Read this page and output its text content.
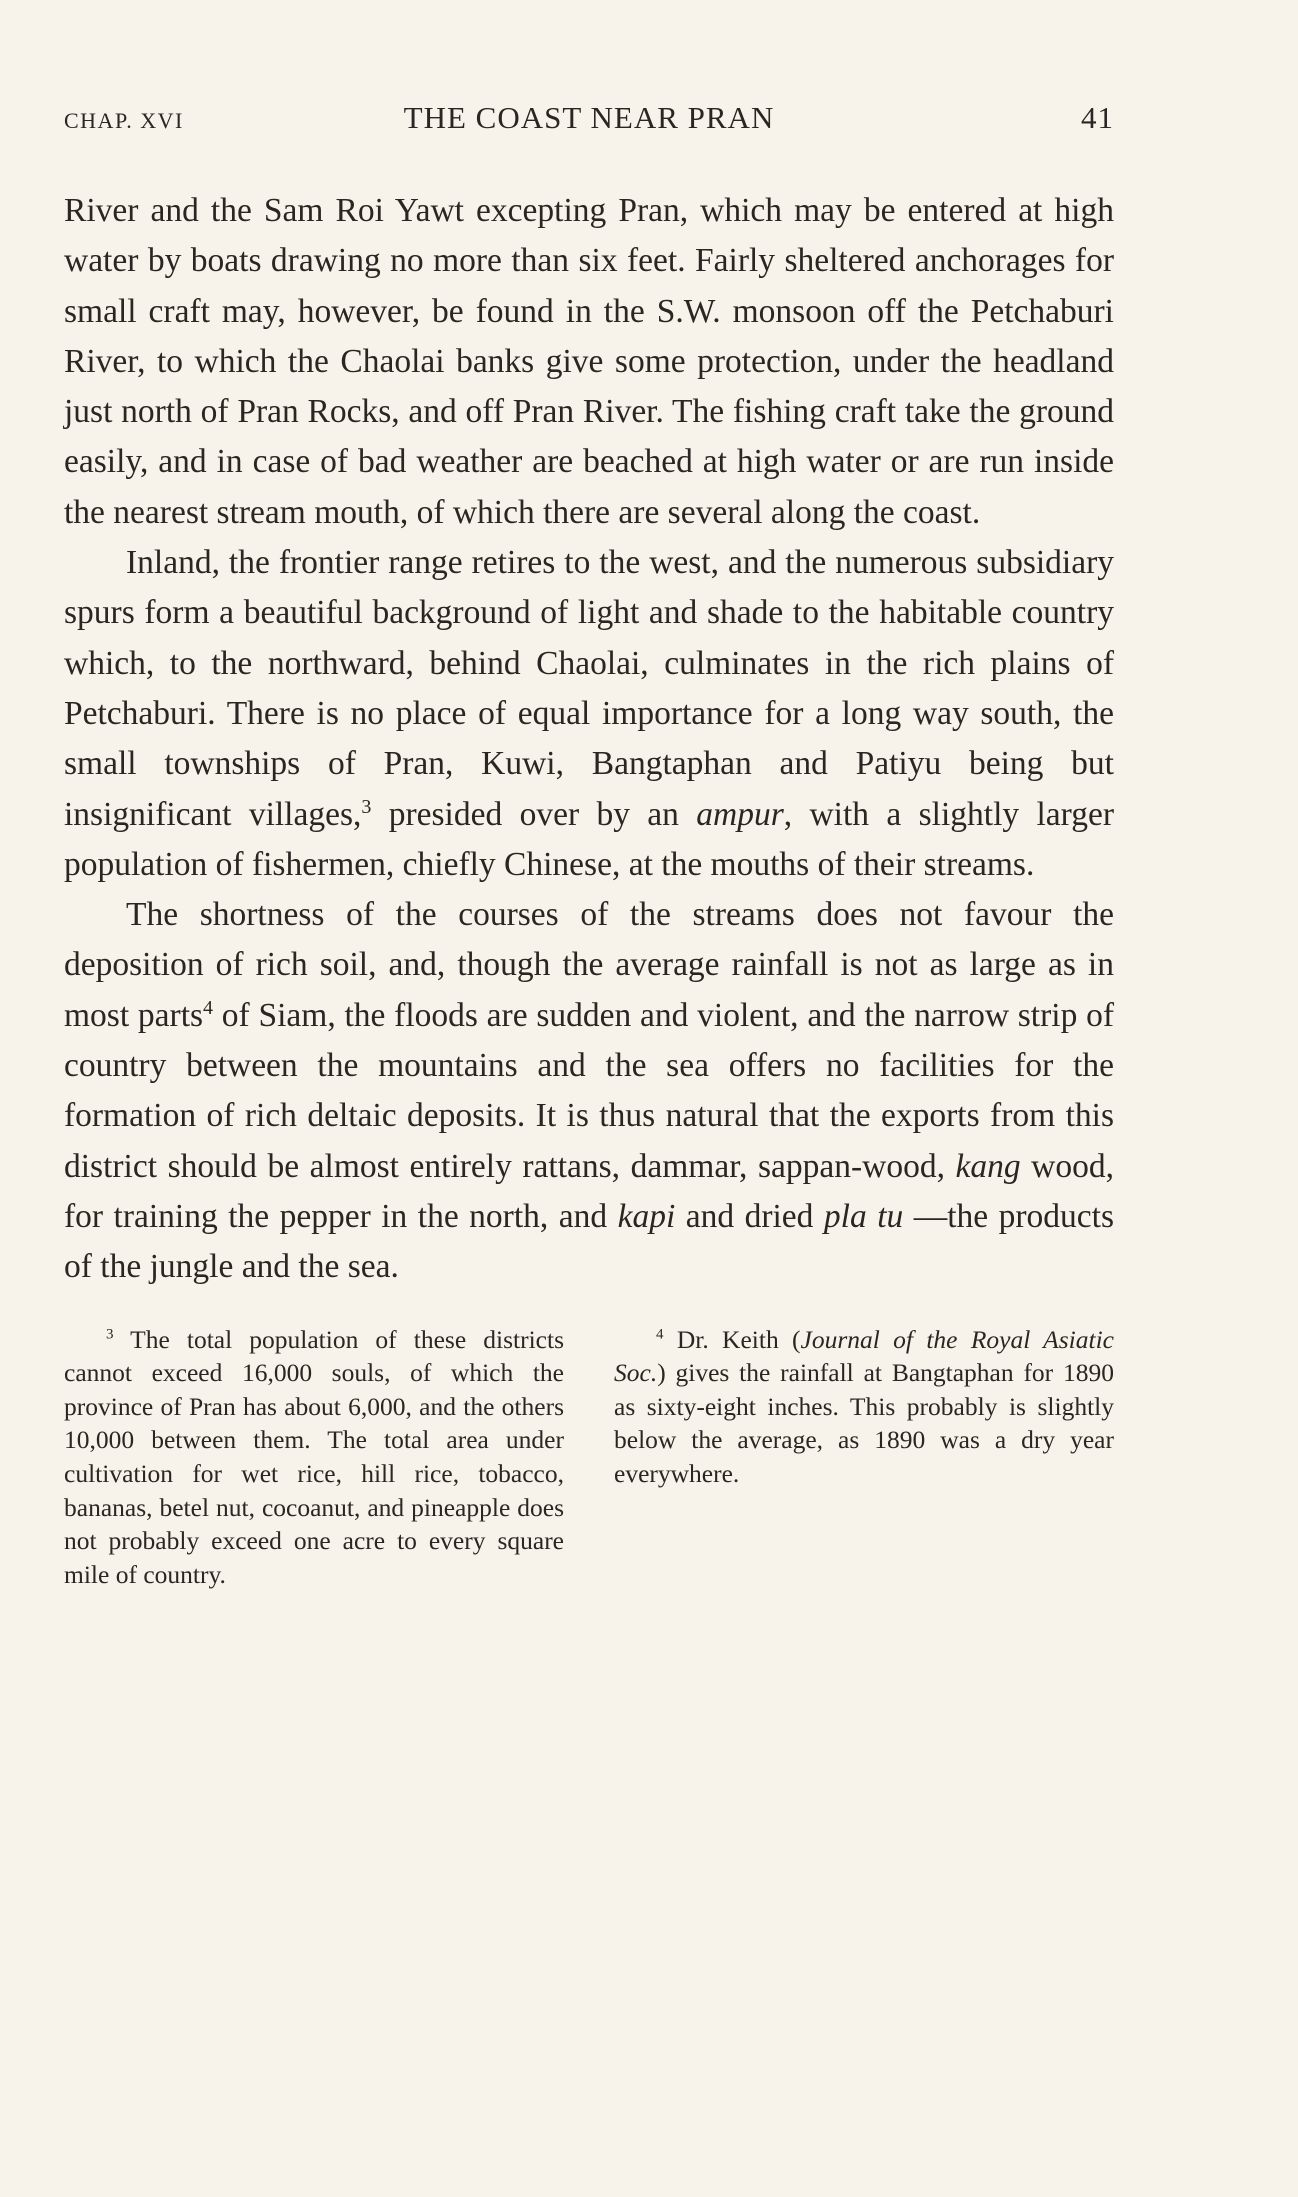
CHAP. XVI	THE COAST NEAR PRAN	41

River and the Sam Roi Yawt excepting Pran, which may be entered at high water by boats drawing no more than six feet. Fairly sheltered anchorages for small craft may, however, be found in the S.W. monsoon off the Petchaburi River, to which the Chaolai banks give some protection, under the headland just north of Pran Rocks, and off Pran River. The fishing craft take the ground easily, and in case of bad weather are beached at high water or are run inside the nearest stream mouth, of which there are several along the coast.

Inland, the frontier range retires to the west, and the numerous subsidiary spurs form a beautiful background of light and shade to the habitable country which, to the northward, behind Chaolai, culminates in the rich plains of Petchaburi. There is no place of equal importance for a long way south, the small townships of Pran, Kuwi, Bangtaphan and Patiyu being but insignificant villages,$^3$ presided over by an ampur, with a slightly larger population of fishermen, chiefly Chinese, at the mouths of their streams.

The shortness of the courses of the streams does not favour the deposition of rich soil, and, though the average rainfall is not as large as in most parts$^4$ of Siam, the floods are sudden and violent, and the narrow strip of country between the mountains and the sea offers no facilities for the formation of rich deltaic deposits. It is thus natural that the exports from this district should be almost entirely rattans, dammar, sappan-wood, kang wood, for training the pepper in the north, and kapi and dried pla tu —the products of the jungle and the sea.

$^3$ The total population of these districts cannot exceed 16,000 souls, of which the province of Pran has about 6,000, and the others 10,000 between them. The total area under cultivation for wet rice, hill rice, tobacco, bananas, betel nut, cocoanut, and pineapple does not probably exceed one acre to every square mile of country.

$^4$ Dr. Keith (Journal of the Royal Asiatic Soc.) gives the rainfall at Bangtaphan for 1890 as sixty-eight inches. This probably is slightly below the average, as 1890 was a dry year everywhere.
